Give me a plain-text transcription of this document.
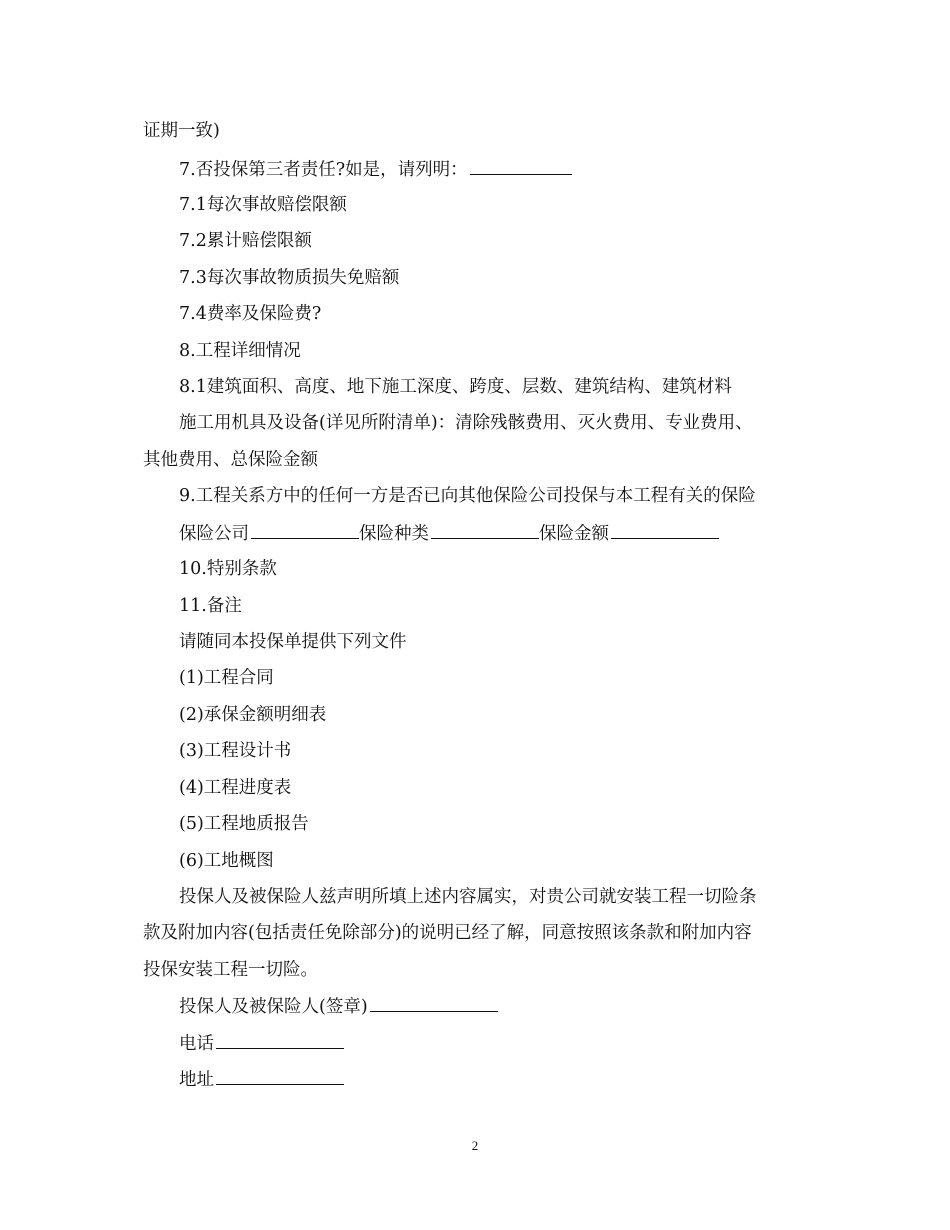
证期一致)
7.否投保第三者责任?如是，请列明：
7.1每次事故赔偿限额
7.2累计赔偿限额
7.3每次事故物质损失免赔额
7.4费率及保险费?
8.工程详细情况
8.1建筑面积、高度、地下施工深度、跨度、层数、建筑结构、建筑材料
施工用机具及设备(详见所附清单)：清除残骸费用、灭火费用、专业费用、
其他费用、总保险金额
9.工程关系方中的任何一方是否已向其他保险公司投保与本工程有关的保险
保险公司	保险种类	保险金额
10.特别条款
11.备注
请随同本投保单提供下列文件
(1)工程合同
(2)承保金额明细表
(3)工程设计书
(4)工程进度表
(5)工程地质报告
(6)工地概图
投保人及被保险人兹声明所填上述内容属实，对贵公司就安装工程一切险条
款及附加内容(包括责任免除部分)的说明已经了解，同意按照该条款和附加内容
投保安装工程一切险。
投保人及被保险人(签章)
电话
地址
2
